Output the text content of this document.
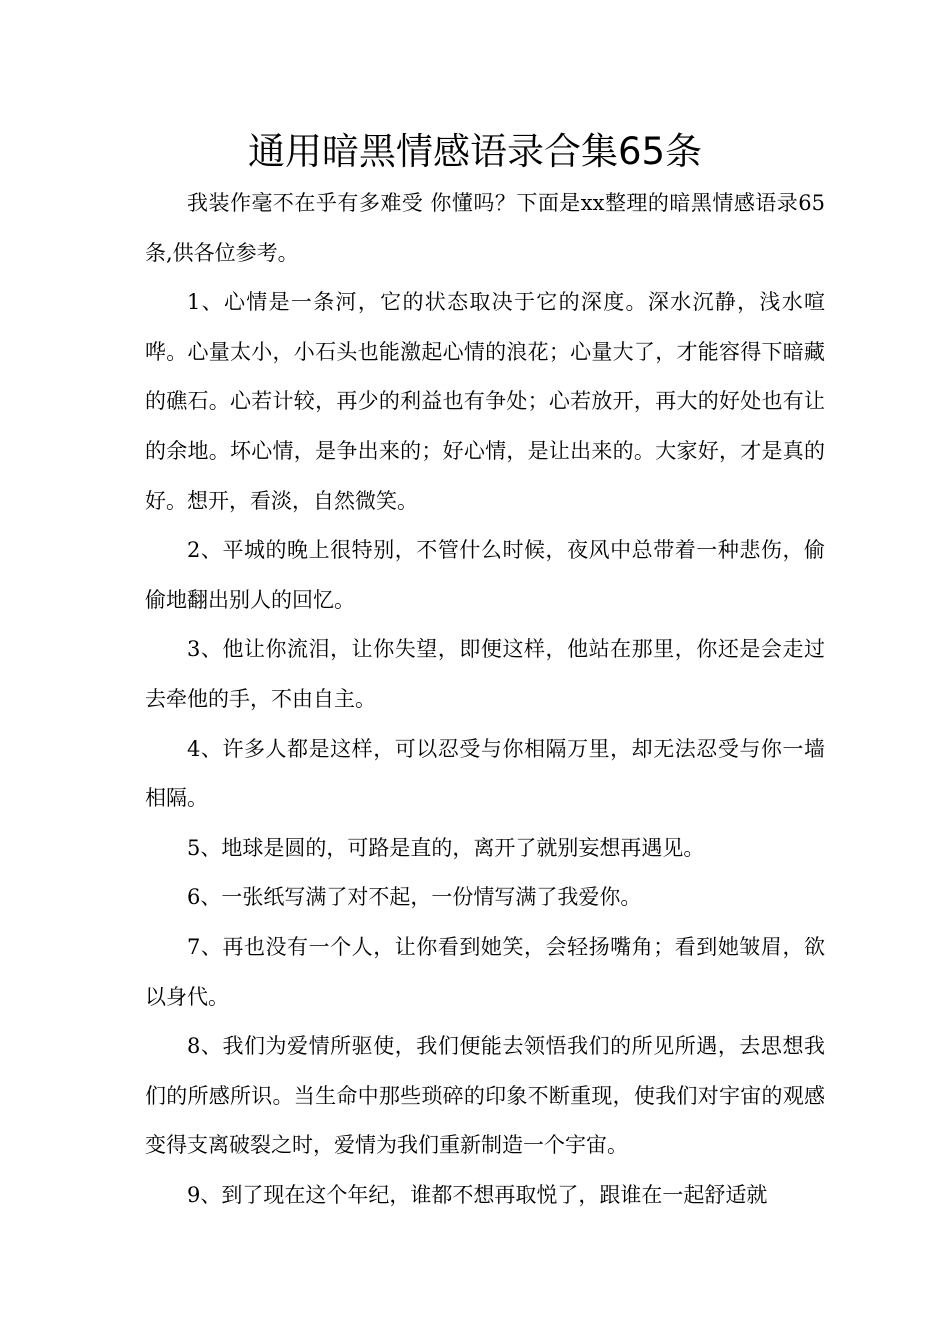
通用暗黑情感语录合集65条

我装作毫不在乎有多难受 你懂吗？下面是xx整理的暗黑情感语录65条,供各位参考。

1、心情是一条河，它的状态取决于它的深度。深水沉静，浅水喧哗。心量太小，小石头也能激起心情的浪花；心量大了，才能容得下暗藏的礁石。心若计较，再少的利益也有争处；心若放开，再大的好处也有让的余地。坏心情，是争出来的；好心情，是让出来的。大家好，才是真的好。想开，看淡，自然微笑。

2、平城的晚上很特别，不管什么时候，夜风中总带着一种悲伤，偷偷地翻出别人的回忆。

3、他让你流泪，让你失望，即便这样，他站在那里，你还是会走过去牵他的手，不由自主。

4、许多人都是这样，可以忍受与你相隔万里，却无法忍受与你一墙相隔。

5、地球是圆的，可路是直的，离开了就别妄想再遇见。

6、一张纸写满了对不起，一份情写满了我爱你。

7、再也没有一个人，让你看到她笑，会轻扬嘴角；看到她皱眉，欲以身代。

8、我们为爱情所驱使，我们便能去领悟我们的所见所遇，去思想我们的所感所识。当生命中那些琐碎的印象不断重现，使我们对宇宙的观感变得支离破裂之时，爱情为我们重新制造一个宇宙。

9、到了现在这个年纪，谁都不想再取悦了，跟谁在一起舒适就
